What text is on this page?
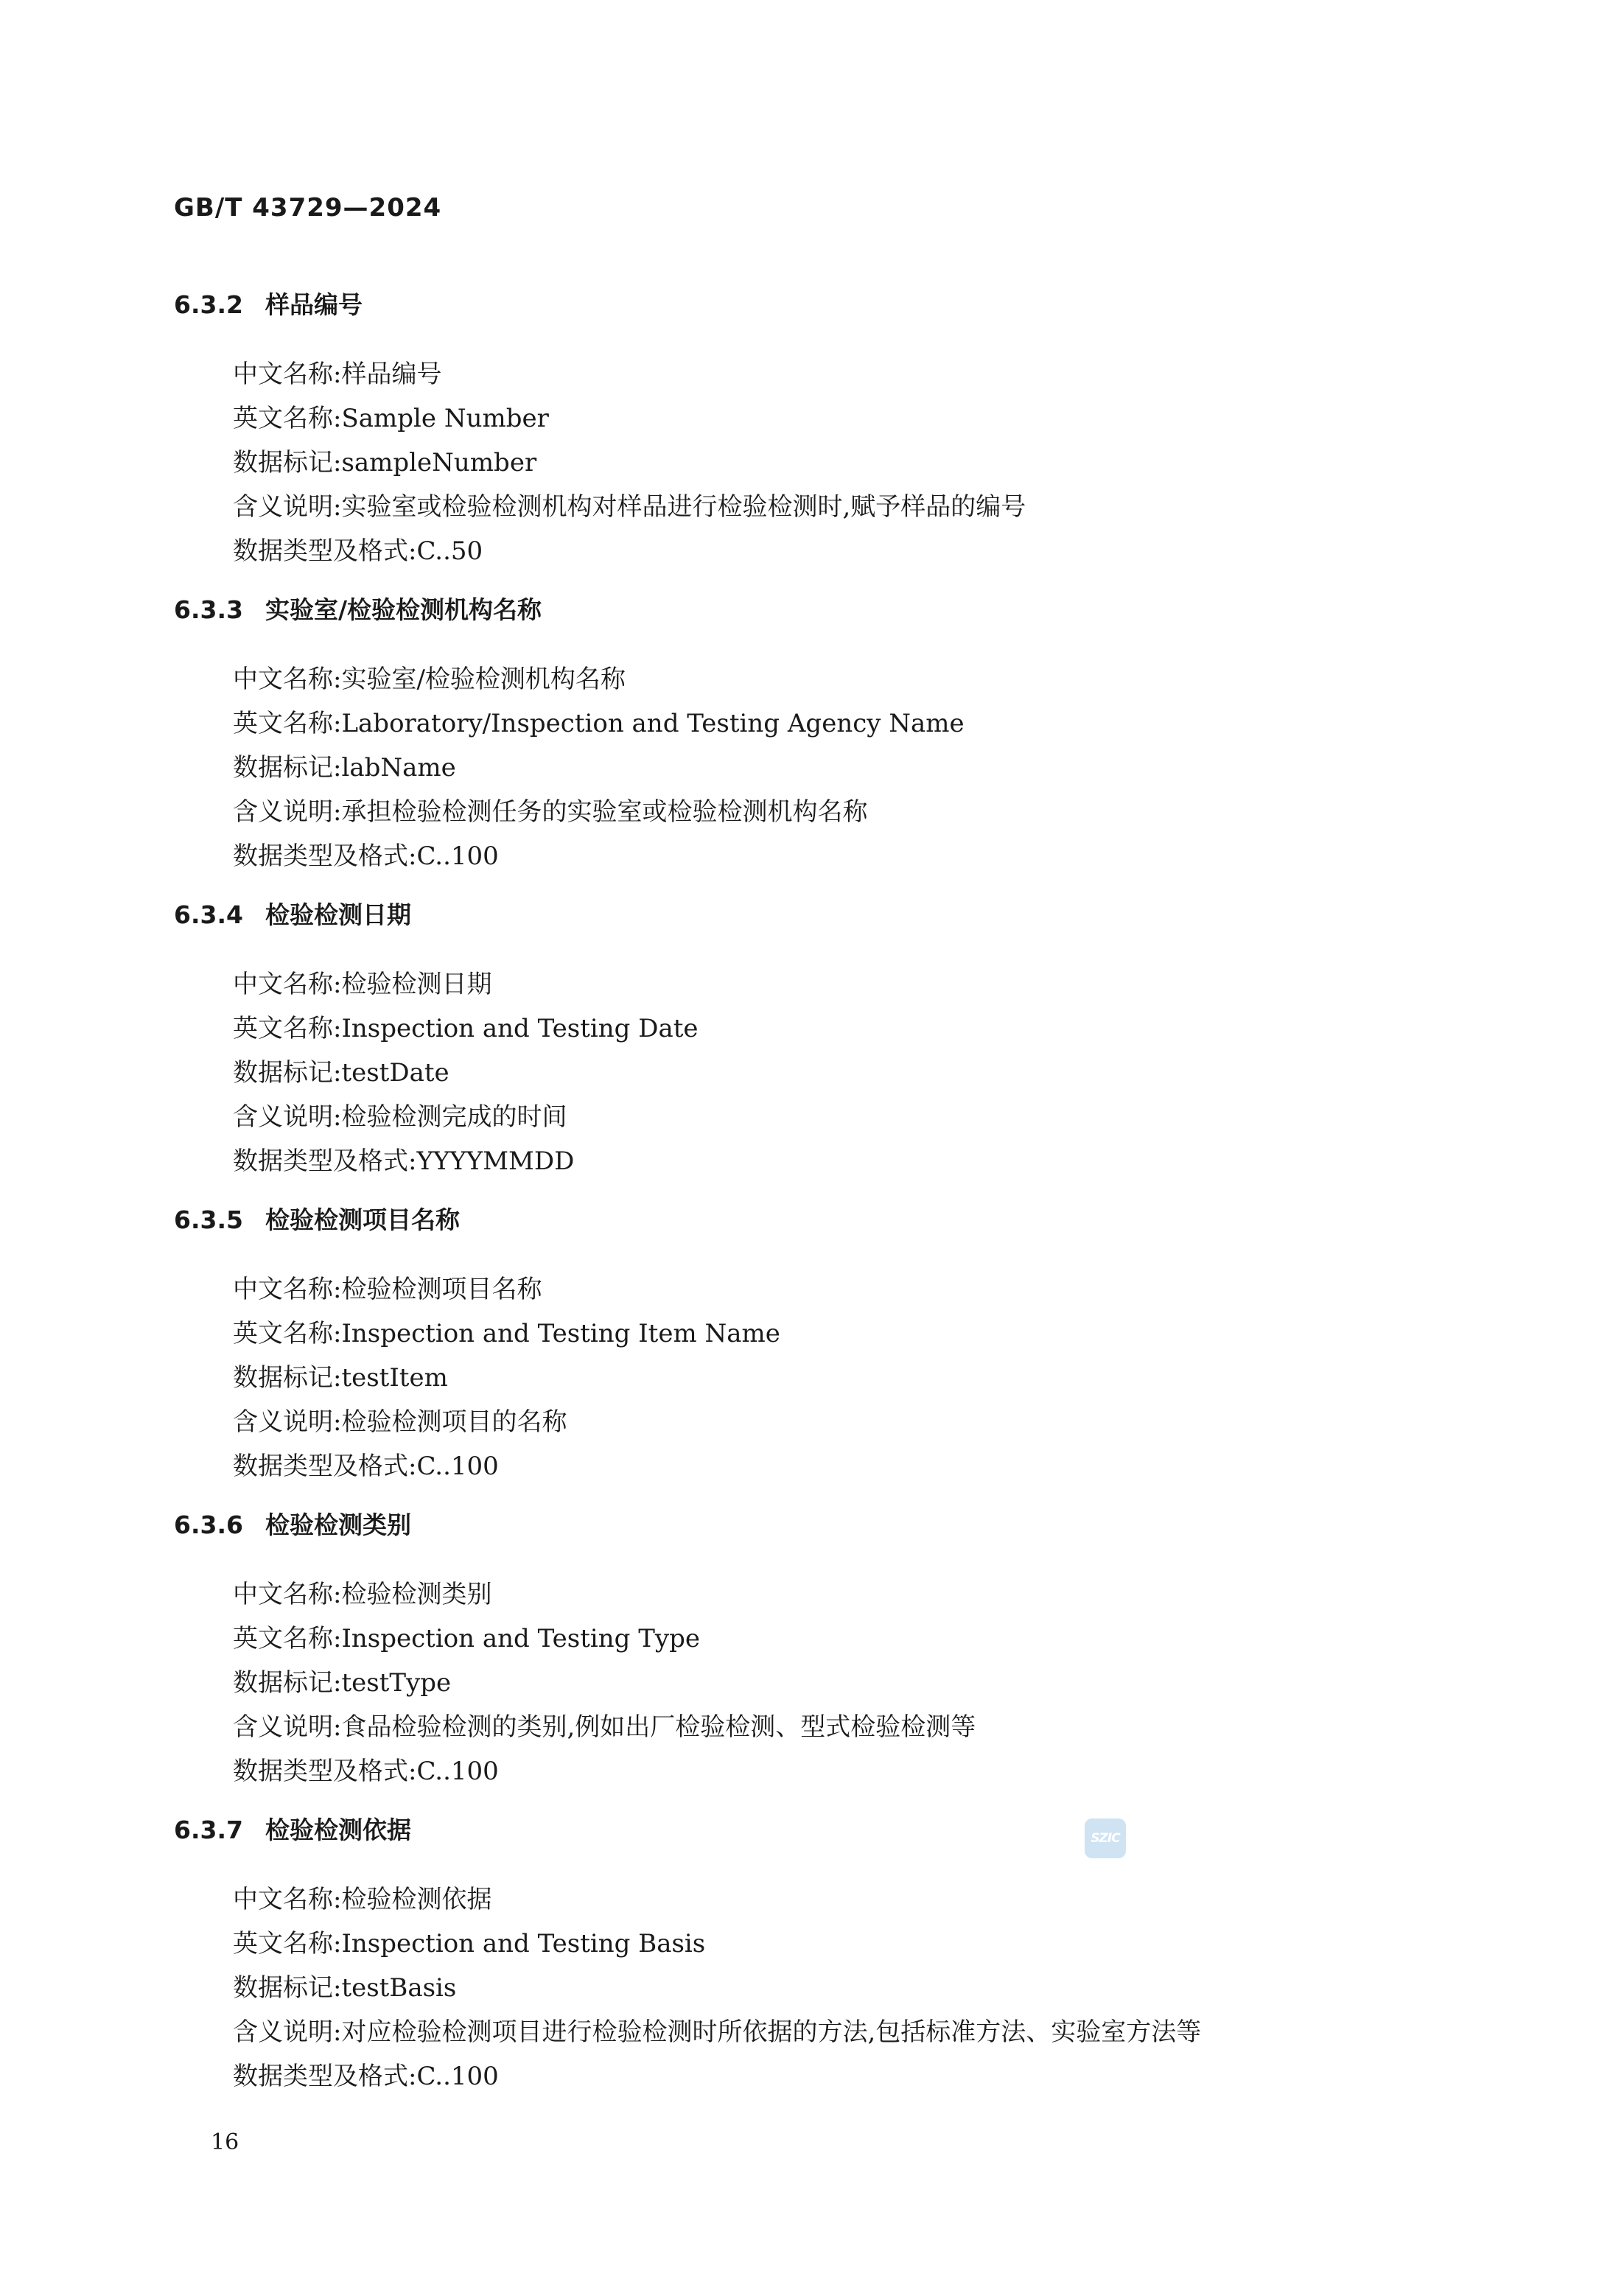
GB/T 43729—2024
6.3.2 样品编号
中文名称:样品编号
英文名称:Sample Number
数据标记:sampleNumber
含义说明:实验室或检验检测机构对样品进行检验检测时,赋予样品的编号
数据类型及格式:C..50
6.3.3 实验室/检验检测机构名称
中文名称:实验室/检验检测机构名称
英文名称:Laboratory/Inspection and Testing Agency Name
数据标记:labName
含义说明:承担检验检测任务的实验室或检验检测机构名称
数据类型及格式:C..100
6.3.4 检验检测日期
中文名称:检验检测日期
英文名称:Inspection and Testing Date
数据标记:testDate
含义说明:检验检测完成的时间
数据类型及格式:YYYYMMDD
6.3.5 检验检测项目名称
中文名称:检验检测项目名称
英文名称:Inspection and Testing Item Name
数据标记:testItem
含义说明:检验检测项目的名称
数据类型及格式:C..100
6.3.6 检验检测类别
中文名称:检验检测类别
英文名称:Inspection and Testing Type
数据标记:testType
含义说明:食品检验检测的类别,例如出厂检验检测、型式检验检测等
数据类型及格式:C..100
6.3.7 检验检测依据
中文名称:检验检测依据
英文名称:Inspection and Testing Basis
数据标记:testBasis
含义说明:对应检验检测项目进行检验检测时所依据的方法,包括标准方法、实验室方法等
数据类型及格式:C..100
SZIC
16
